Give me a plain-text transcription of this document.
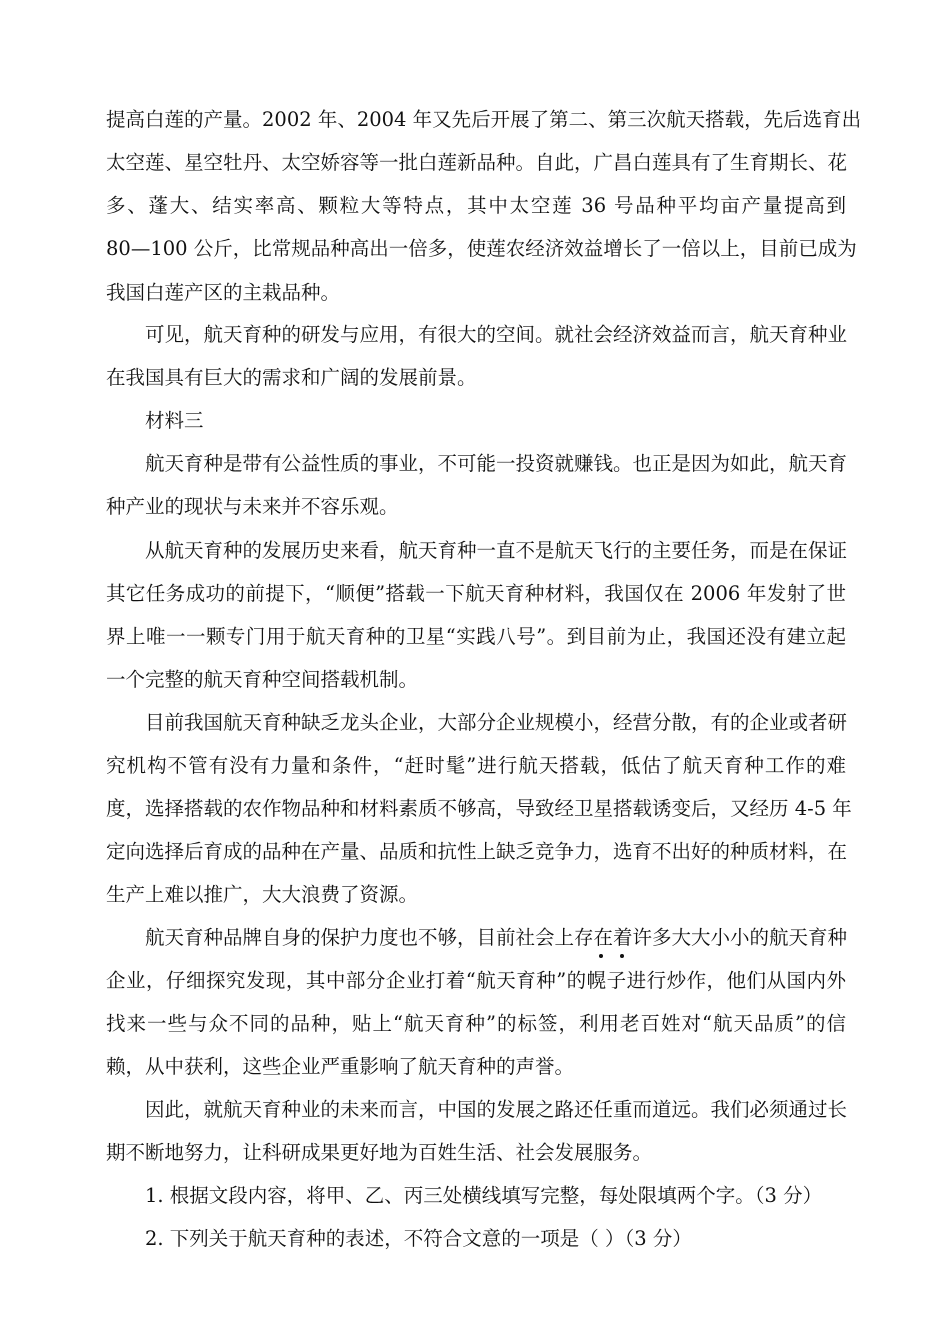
提高白莲的产量。2002 年、2004 年又先后开展了第二、第三次航天搭载，先后选育出
太空莲、星空牡丹、太空娇容等一批白莲新品种。自此，广昌白莲具有了生育期长、花
多、蓬大、结实率高、颗粒大等特点，其中太空莲 36 号品种平均亩产量提高到
80—100 公斤，比常规品种高出一倍多，使莲农经济效益增长了一倍以上，目前已成为
我国白莲产区的主栽品种。
可见，航天育种的研发与应用，有很大的空间。就社会经济效益而言，航天育种业
在我国具有巨大的需求和广阔的发展前景。
材料三
航天育种是带有公益性质的事业，不可能一投资就赚钱。也正是因为如此，航天育
种产业的现状与未来并不容乐观。
从航天育种的发展历史来看，航天育种一直不是航天飞行的主要任务，而是在保证
其它任务成功的前提下，“顺便”搭载一下航天育种材料，我国仅在 2006 年发射了世
界上唯一一颗专门用于航天育种的卫星“实践八号”。到目前为止，我国还没有建立起
一个完整的航天育种空间搭载机制。
目前我国航天育种缺乏龙头企业，大部分企业规模小，经营分散，有的企业或者研
究机构不管有没有力量和条件，“赶时髦”进行航天搭载，低估了航天育种工作的难
度，选择搭载的农作物品种和材料素质不够高，导致经卫星搭载诱变后，又经历 4-5 年
定向选择后育成的品种在产量、品质和抗性上缺乏竞争力，选育不出好的种质材料，在
生产上难以推广，大大浪费了资源。
航天育种品牌自身的保护力度也不够，目前社会上存在着许多大大小小的航天育种
企业，仔细探究发现，其中部分企业打着“航天育种”的幌子进行炒作，他们从国内外
找来一些与众不同的品种，贴上“航天育种”的标签，利用老百姓对“航天品质”的信
赖，从中获利，这些企业严重影响了航天育种的声誉。
因此，就航天育种业的未来而言，中国的发展之路还任重而道远。我们必须通过长
期不断地努力，让科研成果更好地为百姓生活、社会发展服务。
1. 根据文段内容，将甲、乙、丙三处横线填写完整，每处限填两个字。（3 分）
2. 下列关于航天育种的表述，不符合文意的一项是（ ）（3 分）
